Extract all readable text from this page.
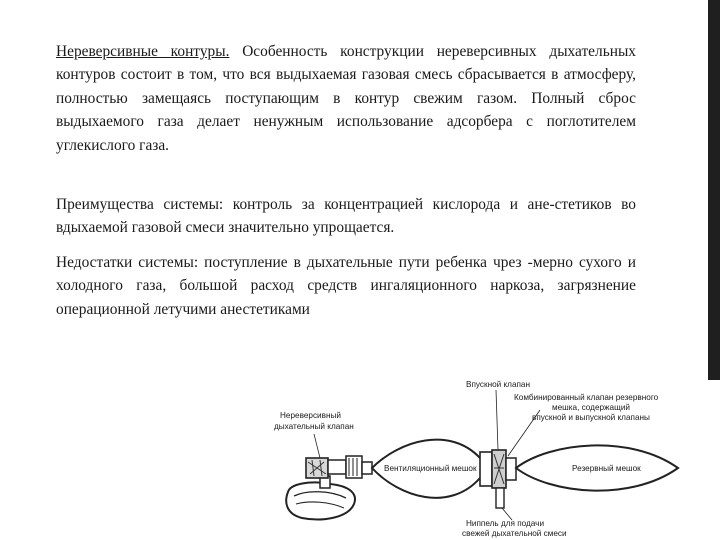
Нереверсивные контуры. Особенность конструкции нереверсивных дыхательных контуров состоит в том, что вся выдыхаемая газовая смесь сбрасывается в атмосферу, полностью замещаясь поступающим в контур свежим газом. Полный сброс выдыхаемого газа делает ненужным использование адсорбера с поглотителем углекислого газа.
Преимущества системы: контроль за концентрацией кислорода и ане-стетиков во вдыхаемой газовой смеси значительно упрощается.
Недостатки системы: поступление в дыхательные пути ребенка чрез -мерно сухого и холодного газа, большой расход средств ингаляционного наркоза, загрязнение операционной летучими анестетиками
Впускной клапан
Комбинированный клапан резервного
мешка, содержащий
впускной и выпускной клапаны
Нереверсивный
дыхательный клапан
Вентиляционный мешок	Резервный мешок
Ниппель для подачи
свежей дыхательной смеси
